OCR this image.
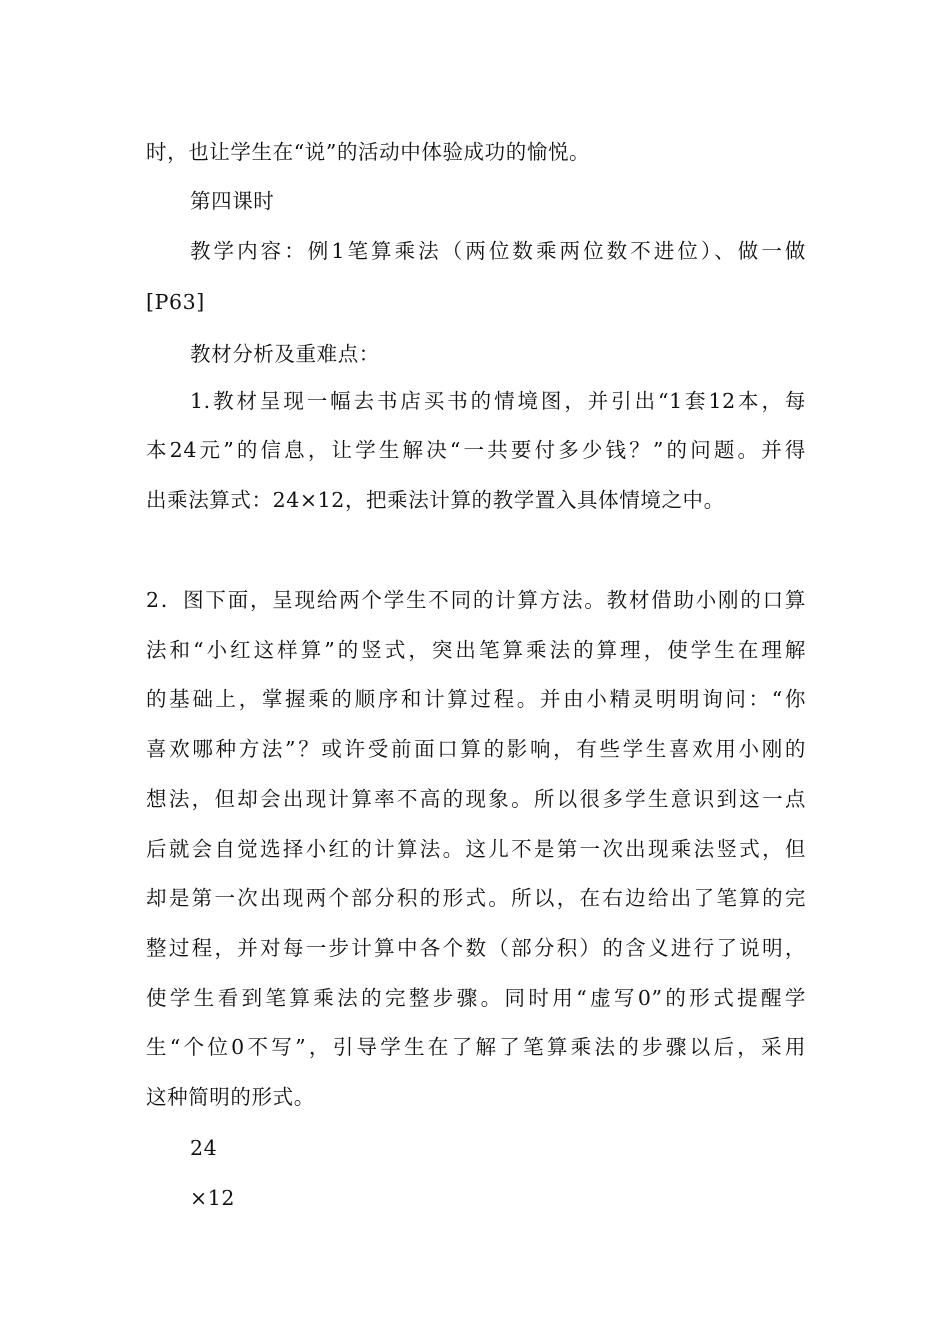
时，也让学生在“说”的活动中体验成功的愉悦。
第四课时
教学内容：例1笔算乘法（两位数乘两位数不进位）、做一做
[P63]
教材分析及重难点：
1.教材呈现一幅去书店买书的情境图，并引出“1套12本，每
本24元”的信息，让学生解决“一共要付多少钱？”的问题。并得
出乘法算式：24×12，把乘法计算的教学置入具体情境之中。
2．图下面，呈现给两个学生不同的计算方法。教材借助小刚的口算
法和“小红这样算”的竖式，突出笔算乘法的算理，使学生在理解
的基础上，掌握乘的顺序和计算过程。并由小精灵明明询问：“你
喜欢哪种方法”？或许受前面口算的影响，有些学生喜欢用小刚的
想法，但却会出现计算率不高的现象。所以很多学生意识到这一点
后就会自觉选择小红的计算法。这儿不是第一次出现乘法竖式，但
却是第一次出现两个部分积的形式。所以，在右边给出了笔算的完
整过程，并对每一步计算中各个数（部分积）的含义进行了说明，
使学生看到笔算乘法的完整步骤。同时用“虚写0”的形式提醒学
生“个位0不写”，引导学生在了解了笔算乘法的步骤以后，采用
这种简明的形式。
24
×12
